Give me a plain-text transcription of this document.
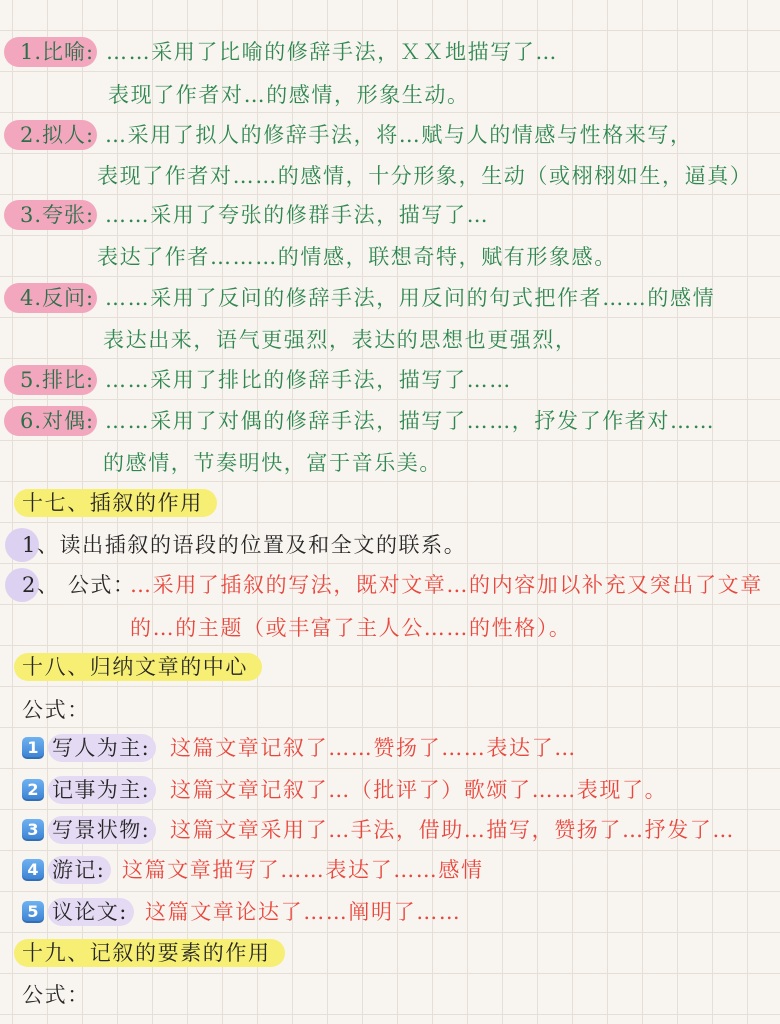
1.比喻: ……采用了比喻的修辞手法，ＸＸ地描写了…
表现了作者对…的感情，形象生动。
2.拟人: …采用了拟人的修辞手法，将…赋与人的情感与性格来写，
表现了作者对……的感情，十分形象，生动（或栩栩如生，逼真）
3.夸张: ……采用了夸张的修群手法，描写了…
表达了作者………的情感，联想奇特，赋有形象感。
4.反问: ……采用了反问的修辞手法，用反问的句式把作者……的感情
表达出来，语气更强烈，表达的思想也更强烈，
5.排比: ……采用了排比的修辞手法，描写了……
6.对偶: ……采用了对偶的修辞手法，描写了……，抒发了作者对……
的感情，节奏明快，富于音乐美。
十七、插叙的作用
1、读出插叙的语段的位置及和全文的联系。
2、 公式：
…采用了插叙的写法，既对文章…的内容加以补充又突出了文章
的…的主题（或丰富了主人公……的性格）。
十八、归纳文章的中心
公式：
1 写人为主: 这篇文章记叙了……赞扬了……表达了…
2 记事为主: 这篇文章记叙了…（批评了）歌颂了……表现了。
3 写景状物: 这篇文章采用了…手法，借助…描写，赞扬了…抒发了…
4 游记: 这篇文章描写了……表达了……感情
5 议论文: 这篇文章论达了……阐明了……
十九、记叙的要素的作用
公式：
